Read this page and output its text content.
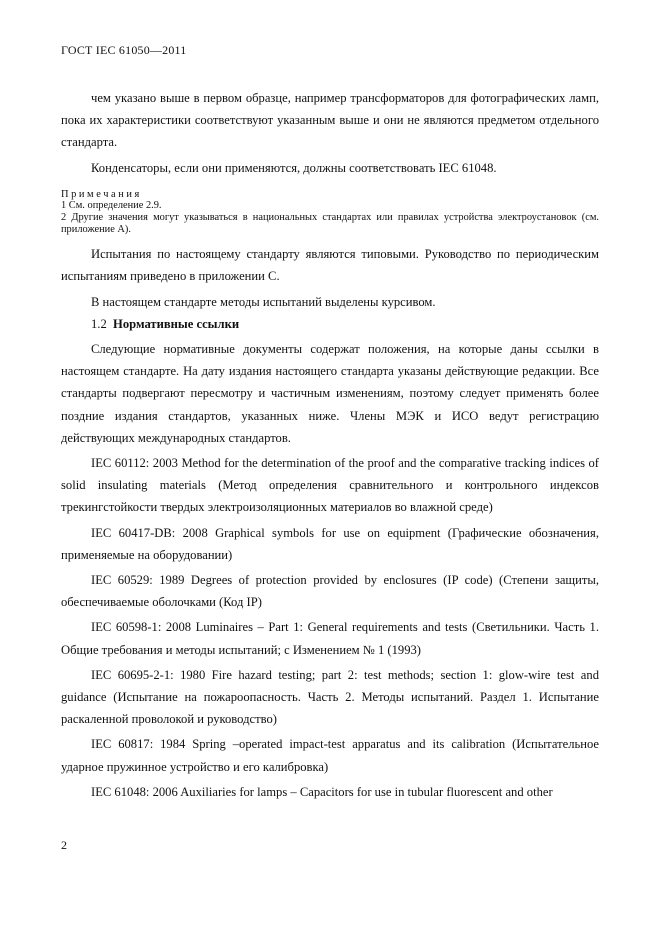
ГОСТ IEC 61050—2011

чем указано выше в первом образце, например трансформаторов для фотографических ламп, пока их характеристики соответствуют указанным выше и они не являются предметом отдельного стандарта.

Конденсаторы, если они применяются, должны соответствовать IEC 61048.

Примечания
1 См. определение 2.9.
2 Другие значения могут указываться в национальных стандартах или правилах устройства электроустановок (см. приложение А).

Испытания по настоящему стандарту являются типовыми. Руководство по периодическим испытаниям приведено в приложении С.

В настоящем стандарте методы испытаний выделены курсивом.

1.2 Нормативные ссылки

Следующие нормативные документы содержат положения, на которые даны ссылки в настоящем стандарте. На дату издания настоящего стандарта указаны действующие редакции. Все стандарты подвергают пересмотру и частичным изменениям, поэтому следует применять более поздние издания стандартов, указанных ниже. Члены МЭК и ИСО ведут регистрацию действующих международных стандартов.

IEC 60112: 2003 Method for the determination of the proof and the comparative tracking indices of solid insulating materials (Метод определения сравнительного и контрольного индексов трекингстойкости твердых электроизоляционных материалов во влажной среде)

IEC 60417-DB: 2008 Graphical symbols for use on equipment (Графические обозначения, применяемые на оборудовании)

IEC 60529: 1989 Degrees of protection provided by enclosures (IP code) (Степени защиты, обеспечиваемые оболочками (Код IP)

IEC 60598-1: 2008 Luminaires – Part 1: General requirements and tests (Светильники. Часть 1. Общие требования и методы испытаний; с Изменением № 1 (1993)

IEC 60695-2-1: 1980 Fire hazard testing; part 2: test methods; section 1: glow-wire test and guidance (Испытание на пожароопасность. Часть 2. Методы испытаний. Раздел 1. Испытание раскаленной проволокой и руководство)

IEC 60817: 1984 Spring –operated impact-test apparatus and its calibration (Испытательное ударное пружинное устройство и его калибровка)

IEC 61048: 2006 Auxiliaries for lamps – Capacitors for use in tubular fluorescent and other

2
